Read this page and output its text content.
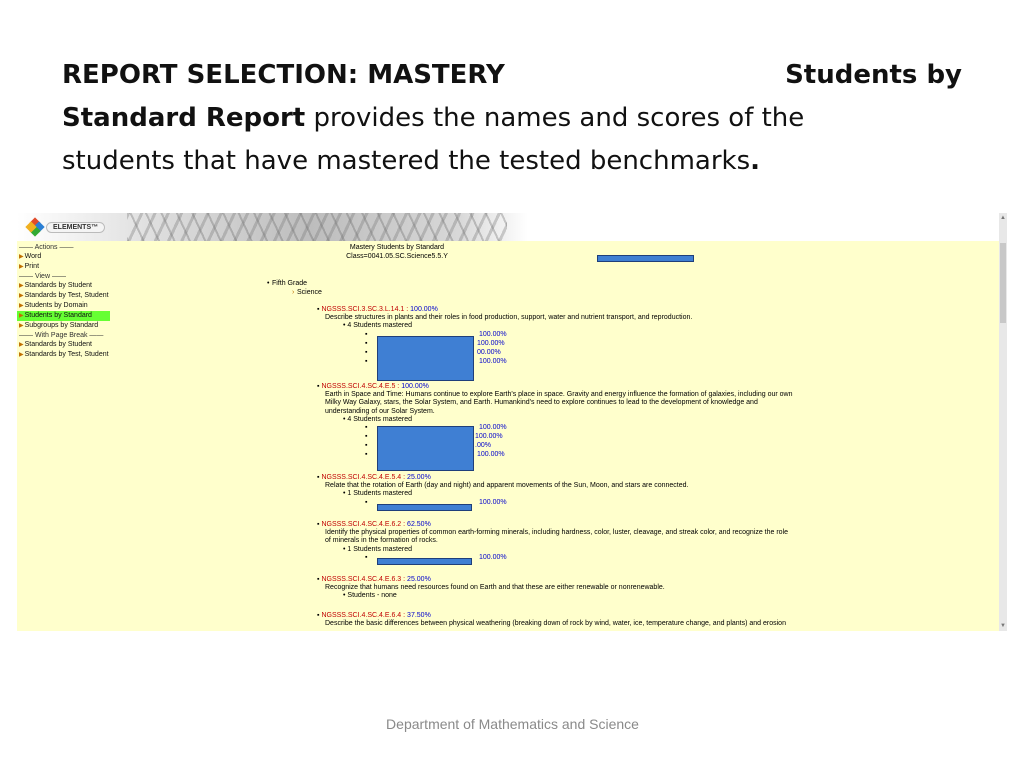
REPORT SELECTION: MASTERY	Students by
Standard Report provides the names and scores of the
students that have mastered the tested benchmarks.
ELEMENTS™
—— Actions ——
▶Word
▶Print
—— View ——
▶Standards by Student
▶Standards by Test, Student
▶Students by Domain
▶Students by Standard
▶Subgroups by Standard
—— With Page Break ——
▶Standards by Student
▶Standards by Test, Student
Mastery Students by Standard
Class=0041.05.SC.Science5.5.Y
• Fifth Grade
› Science
▪ NGSSS.SCI.3.SC.3.L.14.1 : 100.00%
Describe structures in plants and their roles in food production, support, water and nutrient transport, and reproduction.
• 4 Students mastered
▪	100.00%
▪	100.00%
▪	00.00%
▪	100.00%
▪ NGSSS.SCI.4.SC.4.E.5 : 100.00%
Earth in Space and Time: Humans continue to explore Earth's place in space. Gravity and energy influence the formation of galaxies, including our own
Milky Way Galaxy, stars, the Solar System, and Earth. Humankind's need to explore continues to lead to the development of knowledge and
understanding of our Solar System.
• 4 Students mastered
▪	100.00%
▪	100.00%
▪	.00%
▪	100.00%
▪ NGSSS.SCI.4.SC.4.E.5.4 : 25.00%
Relate that the rotation of Earth (day and night) and apparent movements of the Sun, Moon, and stars are connected.
• 1 Students mastered
▪	100.00%
▪ NGSSS.SCI.4.SC.4.E.6.2 : 62.50%
Identify the physical properties of common earth-forming minerals, including hardness, color, luster, cleavage, and streak color, and recognize the role
of minerals in the formation of rocks.
• 1 Students mastered
▪	100.00%
▪ NGSSS.SCI.4.SC.4.E.6.3 : 25.00%
Recognize that humans need resources found on Earth and that these are either renewable or nonrenewable.
• Students - none
▪ NGSSS.SCI.4.SC.4.E.6.4 : 37.50%
Describe the basic differences between physical weathering (breaking down of rock by wind, water, ice, temperature change, and plants) and erosion
▲
▼
Department of Mathematics and Science
